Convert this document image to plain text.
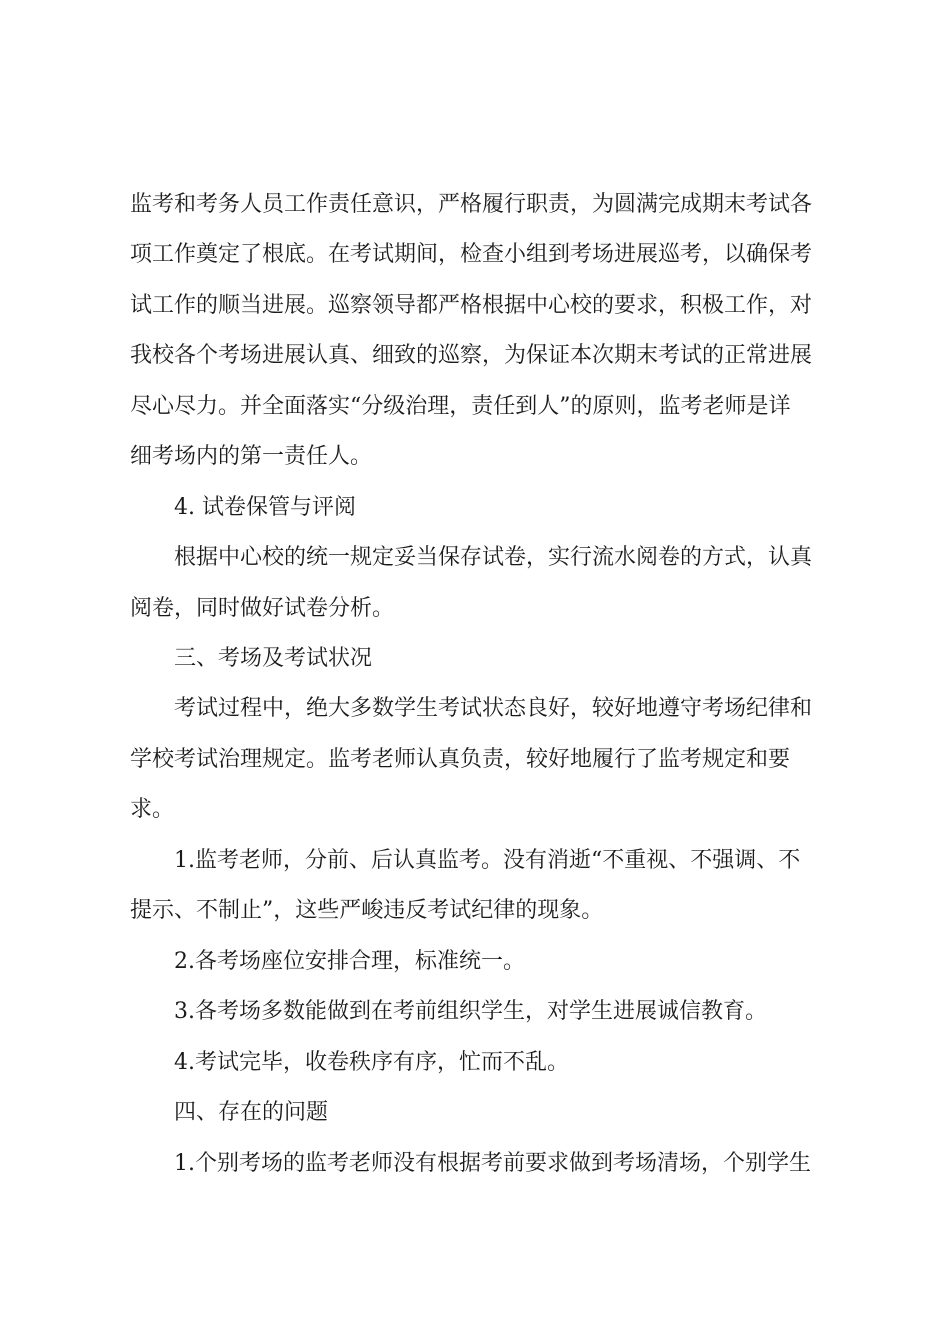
监考和考务人员工作责任意识，严格履行职责，为圆满完成期末考试各

项工作奠定了根底。在考试期间，检查小组到考场进展巡考，以确保考

试工作的顺当进展。巡察领导都严格根据中心校的要求，积极工作，对

我校各个考场进展认真、细致的巡察，为保证本次期末考试的正常进展

尽心尽力。并全面落实“分级治理，责任到人”的原则，监考老师是详

细考场内的第一责任人。

4. 试卷保管与评阅

根据中心校的统一规定妥当保存试卷，实行流水阅卷的方式，认真

阅卷，同时做好试卷分析。

三、考场及考试状况

考试过程中，绝大多数学生考试状态良好，较好地遵守考场纪律和

学校考试治理规定。监考老师认真负责，较好地履行了监考规定和要

求。

1.监考老师，分前、后认真监考。没有消逝“不重视、不强调、不

提示、不制止”，这些严峻违反考试纪律的现象。

2.各考场座位安排合理，标准统一。

3.各考场多数能做到在考前组织学生，对学生进展诚信教育。

4.考试完毕，收卷秩序有序，忙而不乱。

四、存在的问题

1.个别考场的监考老师没有根据考前要求做到考场清场，个别学生
